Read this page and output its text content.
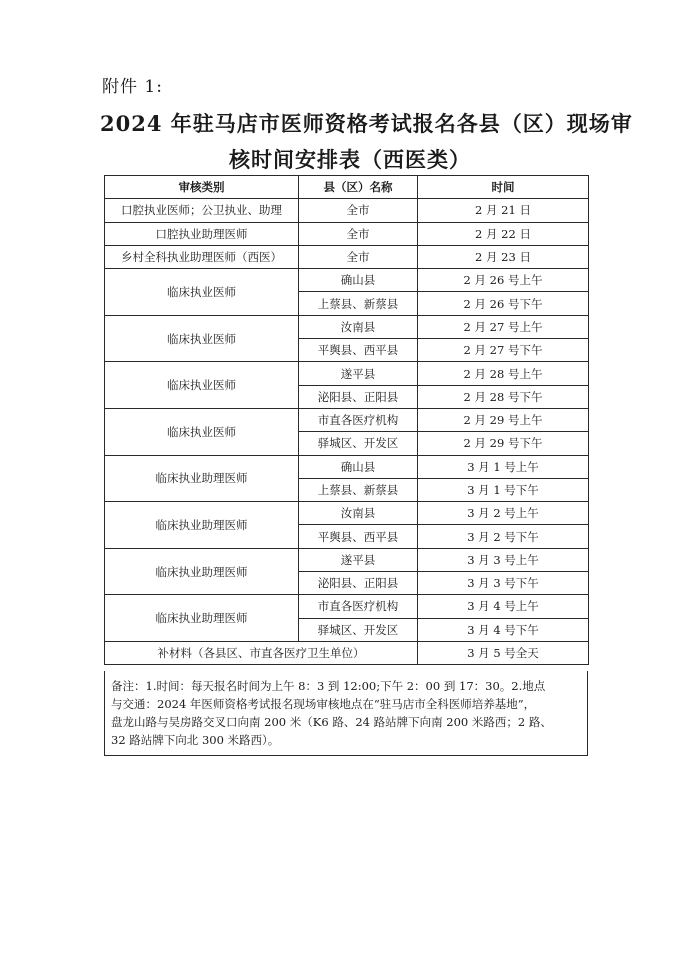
附件 1:
2024 年驻马店市医师资格考试报名各县（区）现场审
核时间安排表（西医类）
审核类别	县（区）名称	时间
口腔执业医师；公卫执业、助理	全市	2 月 21 日
口腔执业助理医师	全市	2 月 22 日
乡村全科执业助理医师（西医）	全市	2 月 23 日
临床执业医师	确山县	2 月 26 号上午
	上蔡县、新蔡县	2 月 26 号下午
临床执业医师	汝南县	2 月 27 号上午
	平舆县、西平县	2 月 27 号下午
临床执业医师	遂平县	2 月 28 号上午
	泌阳县、正阳县	2 月 28 号下午
临床执业医师	市直各医疗机构	2 月 29 号上午
	驿城区、开发区	2 月 29 号下午
临床执业助理医师	确山县	3 月 1 号上午
	上蔡县、新蔡县	3 月 1 号下午
临床执业助理医师	汝南县	3 月 2 号上午
	平舆县、西平县	3 月 2 号下午
临床执业助理医师	遂平县	3 月 3 号上午
	泌阳县、正阳县	3 月 3 号下午
临床执业助理医师	市直各医疗机构	3 月 4 号上午
	驿城区、开发区	3 月 4 号下午
补材料（各县区、市直各医疗卫生单位）		3 月 5 号全天
备注：1.时间：每天报名时间为上午 8：3 到 12:00;下午 2：00 到 17：30。2.地点
与交通：2024 年医师资格考试报名现场审核地点在“驻马店市全科医师培养基地”，
盘龙山路与吴房路交叉口向南 200 米（K6 路、24 路站牌下向南 200 米路西；2 路、
32 路站牌下向北 300 米路西）。
